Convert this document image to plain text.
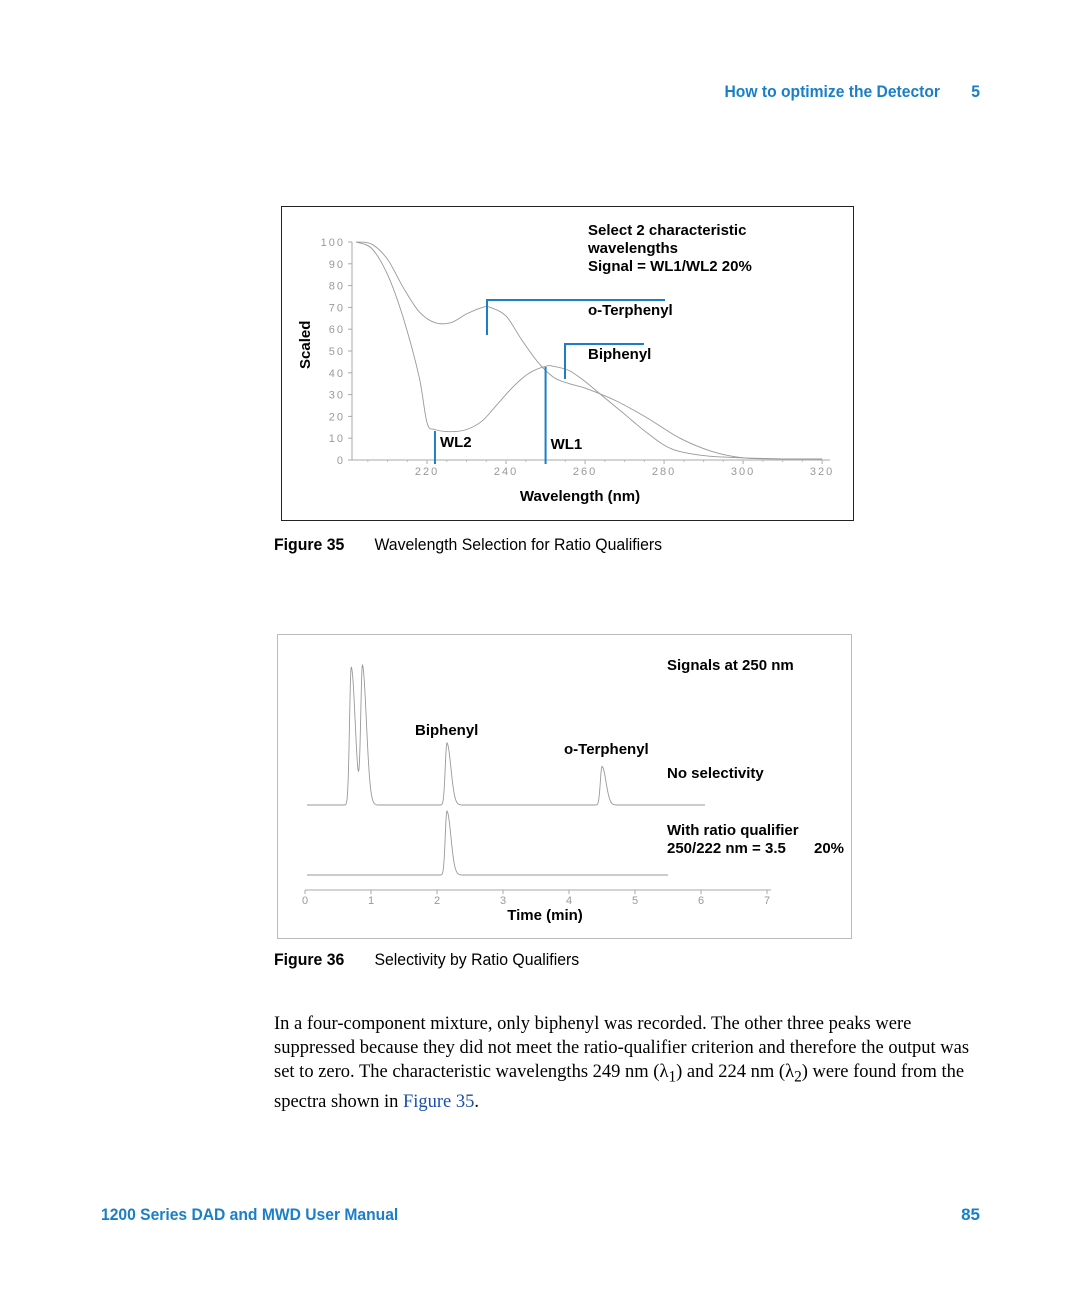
How to optimize the Detector 5
0
10
20
30
40
50
60
70
80
90
100
220	240	260	280	300	320
WL2	WL1
o-Terphenyl
Biphenyl
Select 2 characteristic
wavelengths
Signal = WL1/WL2 20%
Scaled
Wavelength (nm)
Figure 35 Wavelength Selection for Ratio Qualifiers
0	1	2	3	4	5	6	7
Signals at 250 nm
Biphenyl
o-Terphenyl
No selectivity
With ratio qualifier
250/222 nm = 3.5 20%
Time (min)
Figure 36 Selectivity by Ratio Qualifiers

In a four-component mixture, only biphenyl was recorded. The other three peaks were suppressed because they did not meet the ratio-qualifier criterion and therefore the output was set to zero. The characteristic wavelengths 249 nm $(\lambda_1)$ and 224 nm $(\lambda_2)$ were found from the spectra shown in Figure 35.

1200 Series DAD and MWD User Manual	85
